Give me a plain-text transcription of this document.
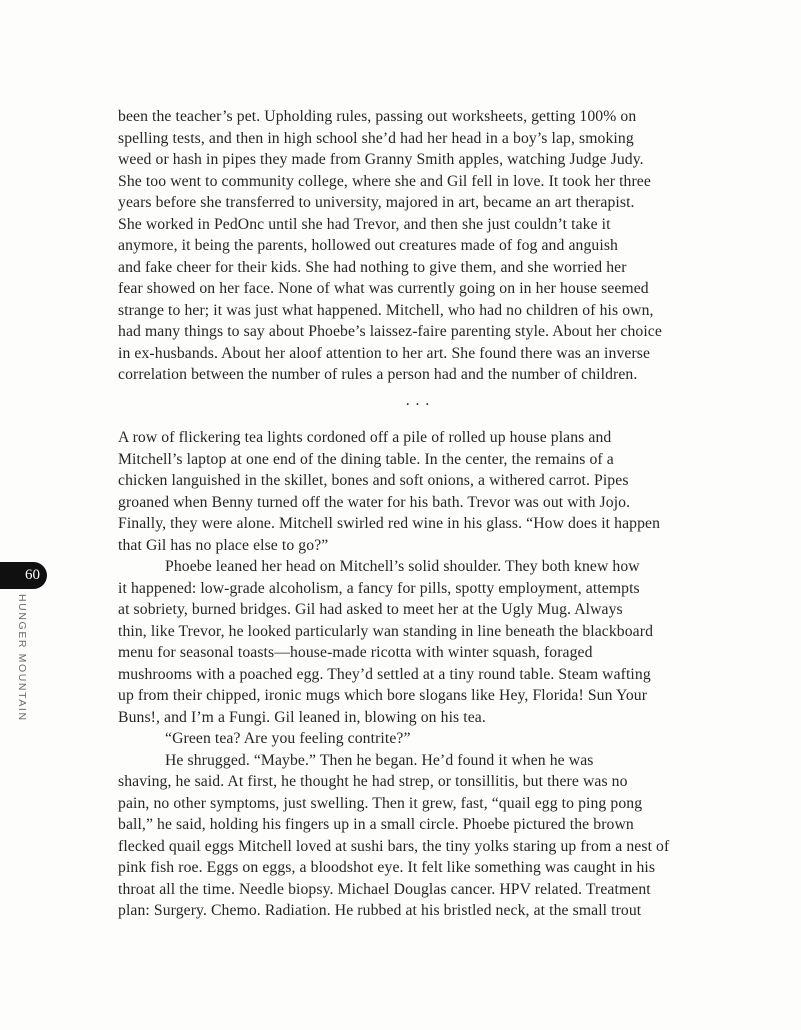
60
HUNGER MOUNTAIN
been the teacher’s pet. Upholding rules, passing out worksheets, getting 100% on
spelling tests, and then in high school she’d had her head in a boy’s lap, smoking
weed or hash in pipes they made from Granny Smith apples, watching Judge Judy.
She too went to community college, where she and Gil fell in love. It took her three
years before she transferred to university, majored in art, became an art therapist.
She worked in PedOnc until she had Trevor, and then she just couldn’t take it
anymore, it being the parents, hollowed out creatures made of fog and anguish
and fake cheer for their kids. She had nothing to give them, and she worried her
fear showed on her face. None of what was currently going on in her house seemed
strange to her; it was just what happened. Mitchell, who had no children of his own,
had many things to say about Phoebe’s laissez-faire parenting style. About her choice
in ex-husbands. About her aloof attention to her art. She found there was an inverse
correlation between the number of rules a person had and the number of children.
. . .
A row of flickering tea lights cordoned off a pile of rolled up house plans and
Mitchell’s laptop at one end of the dining table. In the center, the remains of a
chicken languished in the skillet, bones and soft onions, a withered carrot. Pipes
groaned when Benny turned off the water for his bath. Trevor was out with Jojo.
Finally, they were alone. Mitchell swirled red wine in his glass. “How does it happen
that Gil has no place else to go?”
Phoebe leaned her head on Mitchell’s solid shoulder. They both knew how
it happened: low-grade alcoholism, a fancy for pills, spotty employment, attempts
at sobriety, burned bridges. Gil had asked to meet her at the Ugly Mug. Always
thin, like Trevor, he looked particularly wan standing in line beneath the blackboard
menu for seasonal toasts—house-made ricotta with winter squash, foraged
mushrooms with a poached egg. They’d settled at a tiny round table. Steam wafting
up from their chipped, ironic mugs which bore slogans like Hey, Florida! Sun Your
Buns!, and I’m a Fungi. Gil leaned in, blowing on his tea.
“Green tea? Are you feeling contrite?”
He shrugged. “Maybe.” Then he began. He’d found it when he was
shaving, he said. At first, he thought he had strep, or tonsillitis, but there was no
pain, no other symptoms, just swelling. Then it grew, fast, “quail egg to ping pong
ball,” he said, holding his fingers up in a small circle. Phoebe pictured the brown
flecked quail eggs Mitchell loved at sushi bars, the tiny yolks staring up from a nest of
pink fish roe. Eggs on eggs, a bloodshot eye. It felt like something was caught in his
throat all the time. Needle biopsy. Michael Douglas cancer. HPV related. Treatment
plan: Surgery. Chemo. Radiation. He rubbed at his bristled neck, at the small trout
